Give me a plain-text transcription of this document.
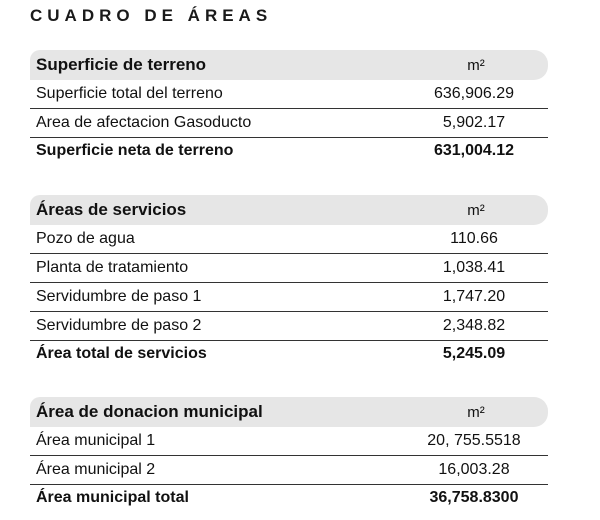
CUADRO DE ÁREAS
Superficie de terreno	m²
Superficie total del terreno	636,906.29
Area de afectacion Gasoducto	5,902.17
Superficie neta de terreno	631,004.12
Áreas de servicios	m²
Pozo de agua	110.66
Planta de tratamiento	1,038.41
Servidumbre de paso 1	1,747.20
Servidumbre de paso 2	2,348.82
Área total de servicios	5,245.09
Área de donacion municipal	m²
Área municipal 1	20, 755.5518
Área municipal 2	16,003.28
Área municipal total	36,758.8300
